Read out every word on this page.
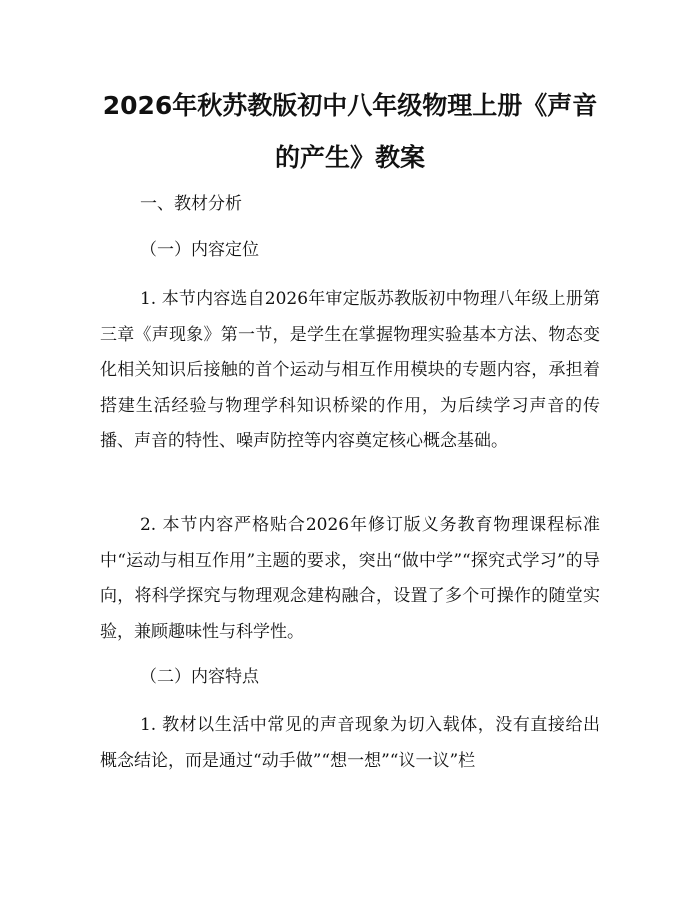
2026年秋苏教版初中八年级物理上册《声音的产生》教案

一、教材分析

（一）内容定位

1. 本节内容选自2026年审定版苏教版初中物理八年级上册第三章《声现象》第一节，是学生在掌握物理实验基本方法、物态变化相关知识后接触的首个运动与相互作用模块的专题内容，承担着搭建生活经验与物理学科知识桥梁的作用，为后续学习声音的传播、声音的特性、噪声防控等内容奠定核心概念基础。

2. 本节内容严格贴合2026年修订版义务教育物理课程标准中“运动与相互作用”主题的要求，突出“做中学”“探究式学习”的导向，将科学探究与物理观念建构融合，设置了多个可操作的随堂实验，兼顾趣味性与科学性。

（二）内容特点

1. 教材以生活中常见的声音现象为切入载体，没有直接给出概念结论，而是通过“动手做”“想一想”“议一议”栏
